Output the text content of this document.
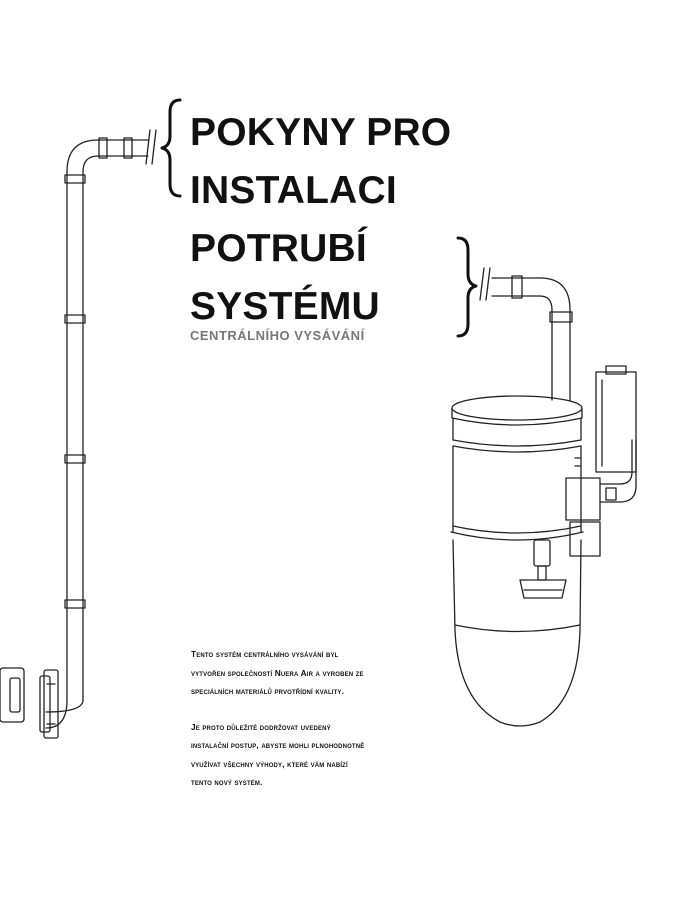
POKYNY PRO
INSTALACI
POTRUBÍ
SYSTÉMU
CENTRÁLNÍHO VYSÁVÁNÍ

Tento systém centrálního vysávání byl
vytvořen společností Nuera Air a vyroben ze
speciálních materiálů prvotřídní kvality.

Je proto důležité dodržovat uvedený
instalační postup, abyste mohli plnohodnotně
využívat všechny výhody, které vám nabízí
tento nový systém.
